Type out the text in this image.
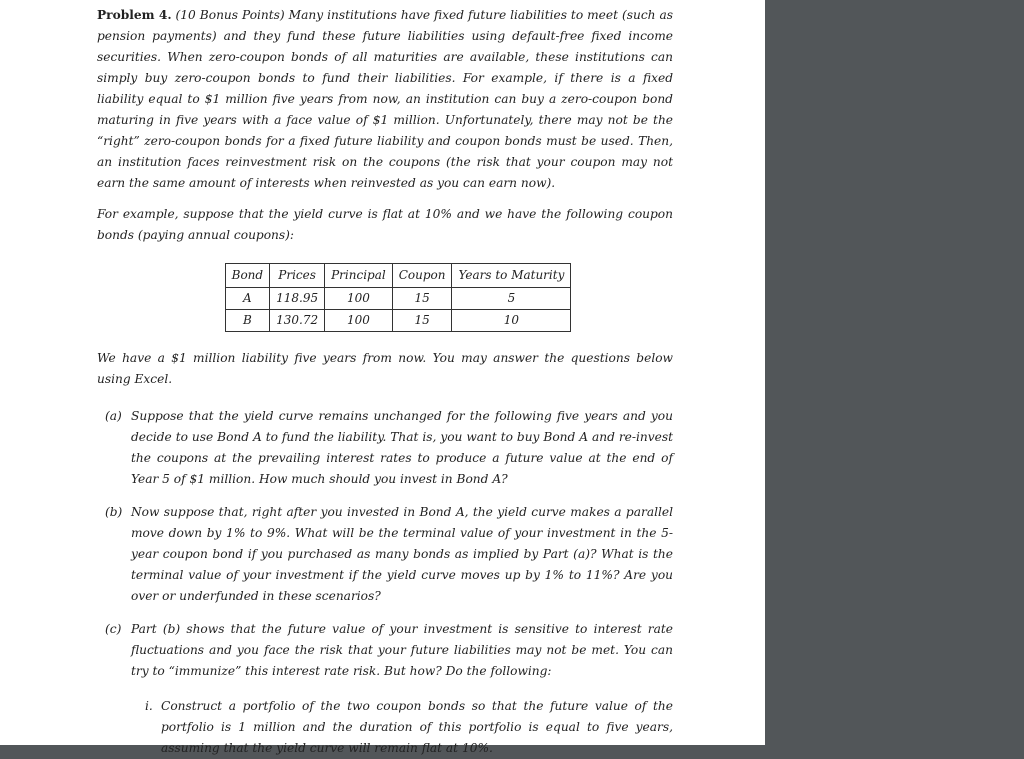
Problem 4. (10 Bonus Points) Many institutions have fixed future liabilities to meet (such as pension payments) and they fund these future liabilities using default-free fixed income securities. When zero-coupon bonds of all maturities are available, these institutions can simply buy zero-coupon bonds to fund their liabilities. For example, if there is a fixed liability equal to $1 million five years from now, an institution can buy a zero-coupon bond maturing in five years with a face value of $1 million. Unfortunately, there may not be the “right” zero-coupon bonds for a fixed future liability and coupon bonds must be used. Then, an institution faces reinvestment risk on the coupons (the risk that your coupon may not earn the same amount of interests when reinvested as you can earn now).

For example, suppose that the yield curve is flat at 10% and we have the following coupon bonds (paying annual coupons):

Bond	Prices	Principal	Coupon	Years to Maturity
A	118.95	100	15	5
B	130.72	100	15	10

We have a $1 million liability five years from now. You may answer the questions below using Excel.

(a) Suppose that the yield curve remains unchanged for the following five years and you decide to use Bond A to fund the liability. That is, you want to buy Bond A and re-invest the coupons at the prevailing interest rates to produce a future value at the end of Year 5 of $1 million. How much should you invest in Bond A?
(b) Now suppose that, right after you invested in Bond A, the yield curve makes a parallel move down by 1% to 9%. What will be the terminal value of your investment in the 5-year coupon bond if you purchased as many bonds as implied by Part (a)? What is the terminal value of your investment if the yield curve moves up by 1% to 11%? Are you over or underfunded in these scenarios?
(c) Part (b) shows that the future value of your investment is sensitive to interest rate fluctuations and you face the risk that your future liabilities may not be met. You can try to “immunize” this interest rate risk. But how? Do the following:
i. Construct a portfolio of the two coupon bonds so that the future value of the portfolio is 1 million and the duration of this portfolio is equal to five years, assuming that the yield curve will remain flat at 10%.
